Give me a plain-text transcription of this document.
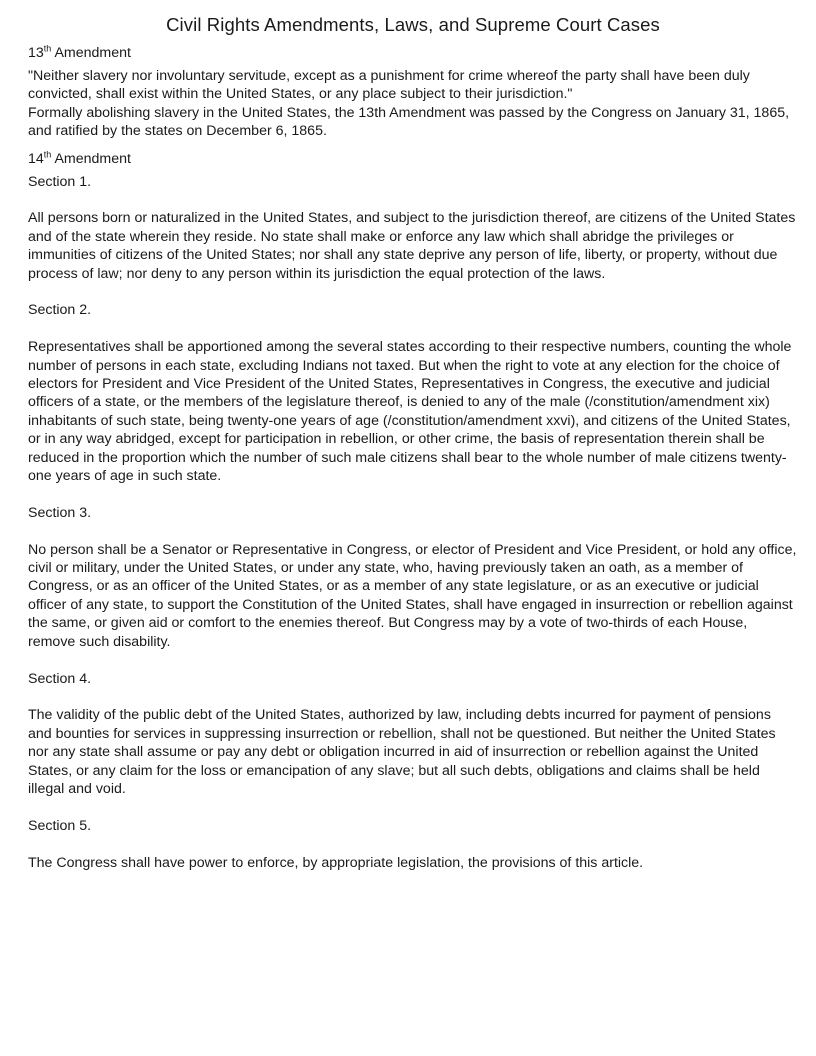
Civil Rights Amendments, Laws, and Supreme Court Cases
13th Amendment

"Neither slavery nor involuntary servitude, except as a punishment for crime whereof the party shall have been duly convicted, shall exist within the United States, or any place subject to their jurisdiction."

Formally abolishing slavery in the United States, the 13th Amendment was passed by the Congress on January 31, 1865, and ratified by the states on December 6, 1865.

14th Amendment

Section 1.

All persons born or naturalized in the United States, and subject to the jurisdiction thereof, are citizens of the United States and of the state wherein they reside. No state shall make or enforce any law which shall abridge the privileges or immunities of citizens of the United States; nor shall any state deprive any person of life, liberty, or property, without due process of law; nor deny to any person within its jurisdiction the equal protection of the laws.

Section 2.

Representatives shall be apportioned among the several states according to their respective numbers, counting the whole number of persons in each state, excluding Indians not taxed. But when the right to vote at any election for the choice of electors for President and Vice President of the United States, Representatives in Congress, the executive and judicial officers of a state, or the members of the legislature thereof, is denied to any of the male (/constitution/amendment xix) inhabitants of such state, being twenty-one years of age (/constitution/amendment xxvi), and citizens of the United States, or in any way abridged, except for participation in rebellion, or other crime, the basis of representation therein shall be reduced in the proportion which the number of such male citizens shall bear to the whole number of male citizens twenty-one years of age in such state.

Section 3.

No person shall be a Senator or Representative in Congress, or elector of President and Vice President, or hold any office, civil or military, under the United States, or under any state, who, having previously taken an oath, as a member of Congress, or as an officer of the United States, or as a member of any state legislature, or as an executive or judicial officer of any state, to support the Constitution of the United States, shall have engaged in insurrection or rebellion against the same, or given aid or comfort to the enemies thereof. But Congress may by a vote of two-thirds of each House, remove such disability.

Section 4.

The validity of the public debt of the United States, authorized by law, including debts incurred for payment of pensions and bounties for services in suppressing insurrection or rebellion, shall not be questioned. But neither the United States nor any state shall assume or pay any debt or obligation incurred in aid of insurrection or rebellion against the United States, or any claim for the loss or emancipation of any slave; but all such debts, obligations and claims shall be held illegal and void.

Section 5.

The Congress shall have power to enforce, by appropriate legislation, the provisions of this article.
